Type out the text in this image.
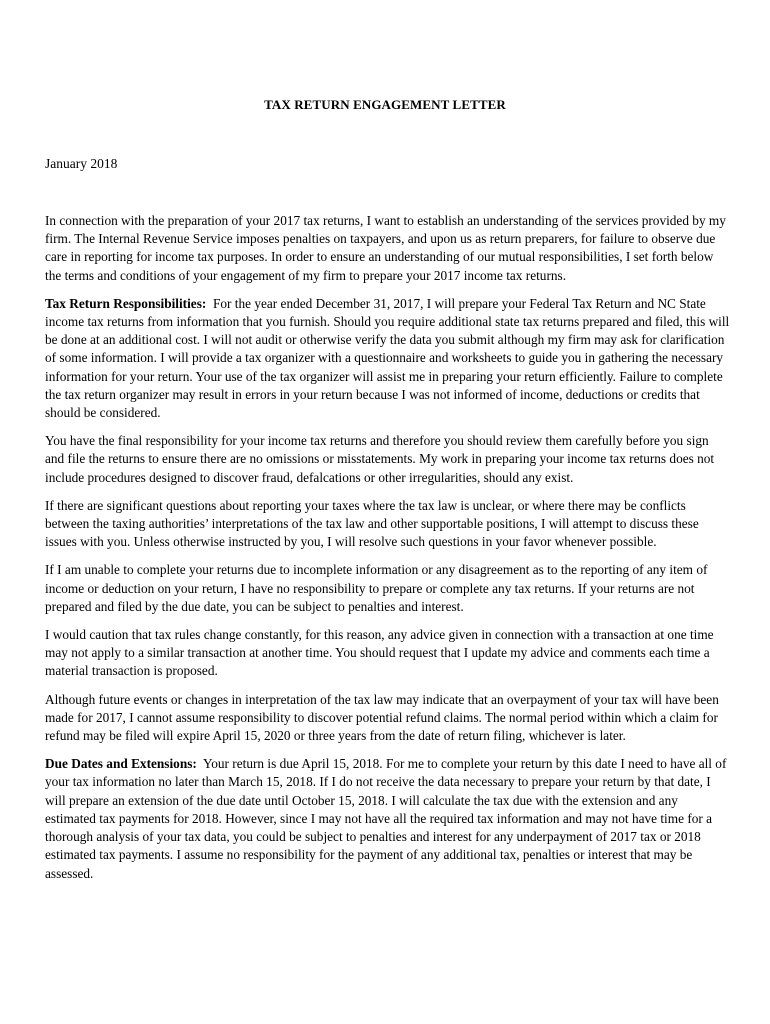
TAX RETURN ENGAGEMENT LETTER
January 2018

In connection with the preparation of your 2017 tax returns, I want to establish an understanding of the services provided by my firm. The Internal Revenue Service imposes penalties on taxpayers, and upon us as return preparers, for failure to observe due care in reporting for income tax purposes. In order to ensure an understanding of our mutual responsibilities, I set forth below the terms and conditions of your engagement of my firm to prepare your 2017 income tax returns.

Tax Return Responsibilities: For the year ended December 31, 2017, I will prepare your Federal Tax Return and NC State income tax returns from information that you furnish. Should you require additional state tax returns prepared and filed, this will be done at an additional cost. I will not audit or otherwise verify the data you submit although my firm may ask for clarification of some information. I will provide a tax organizer with a questionnaire and worksheets to guide you in gathering the necessary information for your return. Your use of the tax organizer will assist me in preparing your return efficiently. Failure to complete the tax return organizer may result in errors in your return because I was not informed of income, deductions or credits that should be considered.

You have the final responsibility for your income tax returns and therefore you should review them carefully before you sign and file the returns to ensure there are no omissions or misstatements. My work in preparing your income tax returns does not include procedures designed to discover fraud, defalcations or other irregularities, should any exist.

If there are significant questions about reporting your taxes where the tax law is unclear, or where there may be conflicts between the taxing authorities’ interpretations of the tax law and other supportable positions, I will attempt to discuss these issues with you. Unless otherwise instructed by you, I will resolve such questions in your favor whenever possible.

If I am unable to complete your returns due to incomplete information or any disagreement as to the reporting of any item of income or deduction on your return, I have no responsibility to prepare or complete any tax returns. If your returns are not prepared and filed by the due date, you can be subject to penalties and interest.

I would caution that tax rules change constantly, for this reason, any advice given in connection with a transaction at one time may not apply to a similar transaction at another time. You should request that I update my advice and comments each time a material transaction is proposed.

Although future events or changes in interpretation of the tax law may indicate that an overpayment of your tax will have been made for 2017, I cannot assume responsibility to discover potential refund claims. The normal period within which a claim for refund may be filed will expire April 15, 2020 or three years from the date of return filing, whichever is later.

Due Dates and Extensions: Your return is due April 15, 2018. For me to complete your return by this date I need to have all of your tax information no later than March 15, 2018. If I do not receive the data necessary to prepare your return by that date, I will prepare an extension of the due date until October 15, 2018. I will calculate the tax due with the extension and any estimated tax payments for 2018. However, since I may not have all the required tax information and may not have time for a thorough analysis of your tax data, you could be subject to penalties and interest for any underpayment of 2017 tax or 2018 estimated tax payments. I assume no responsibility for the payment of any additional tax, penalties or interest that may be assessed.
